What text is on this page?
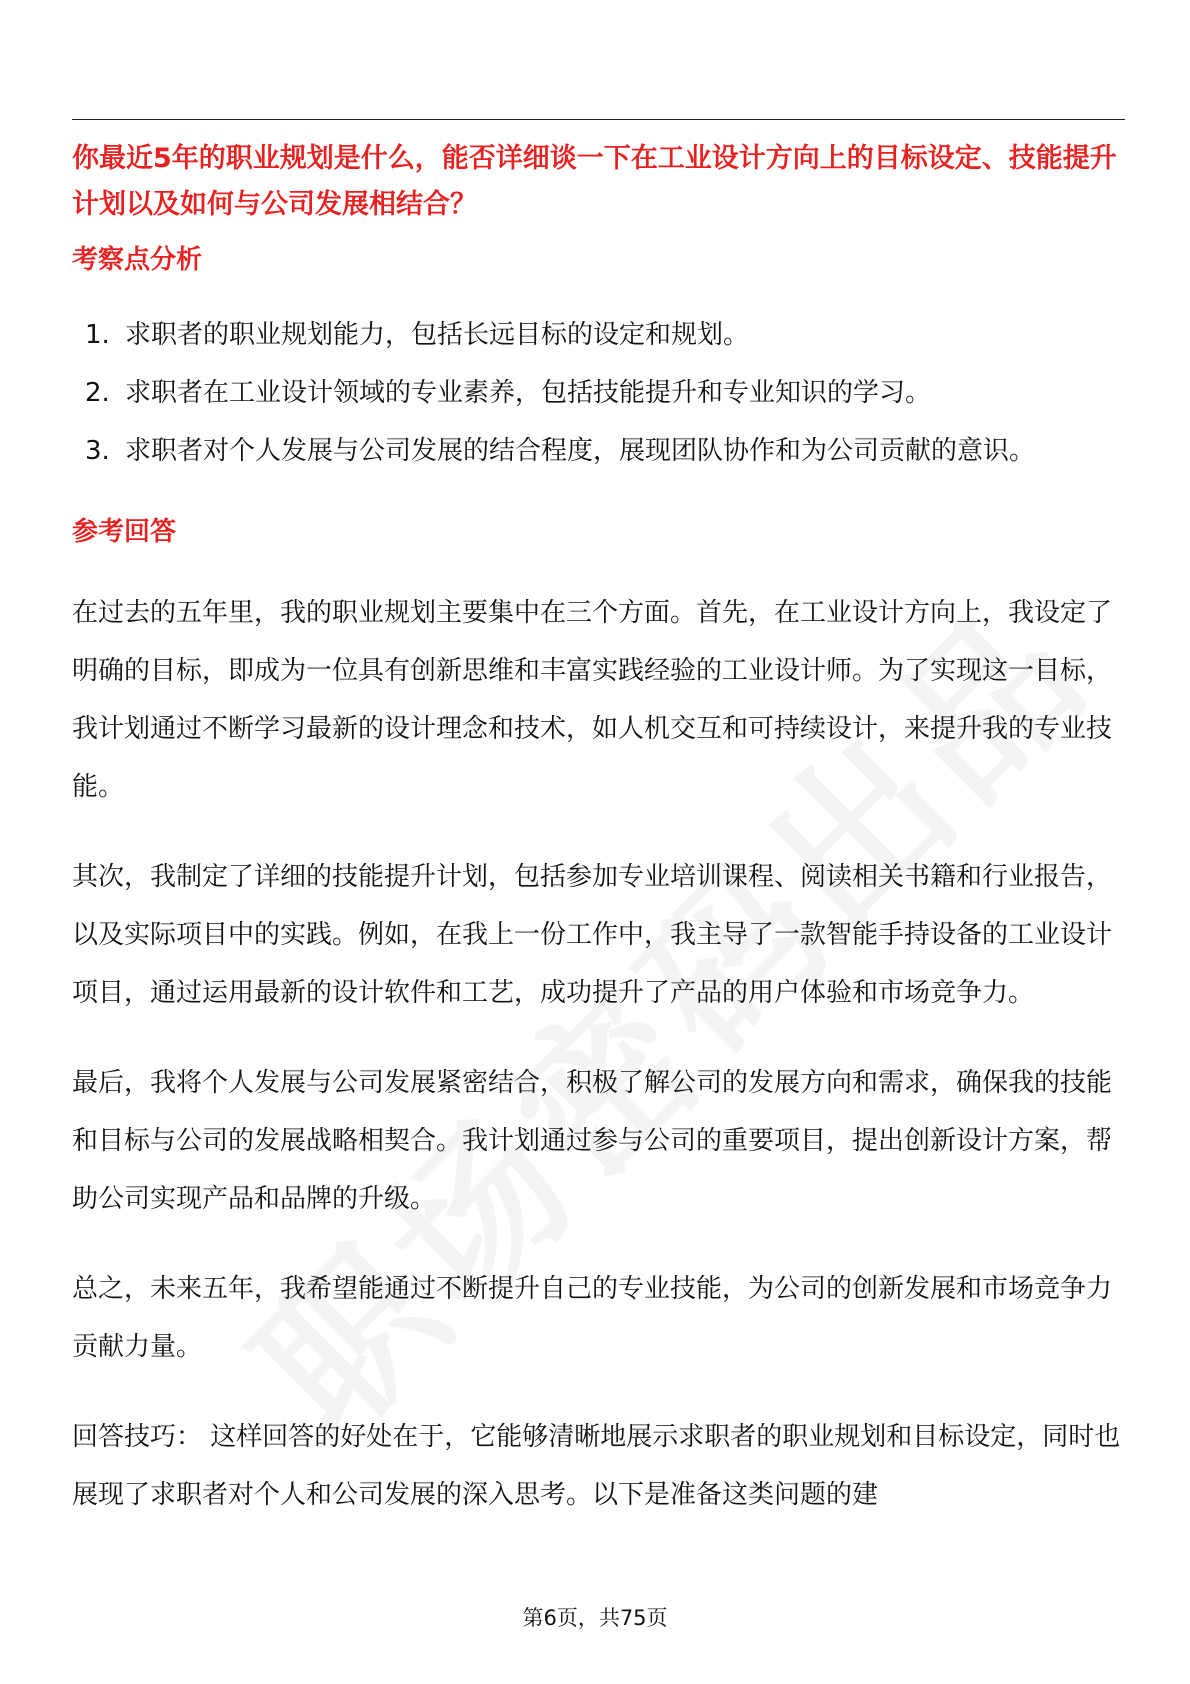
你最近5年的职业规划是什么，能否详细谈一下在工业设计方向上的目标设定、技能提升计划以及如何与公司发展相结合？

考察点分析

1. 求职者的职业规划能力，包括长远目标的设定和规划。
2. 求职者在工业设计领域的专业素养，包括技能提升和专业知识的学习。
3. 求职者对个人发展与公司发展的结合程度，展现团队协作和为公司贡献的意识。

参考回答

在过去的五年里，我的职业规划主要集中在三个方面。首先，在工业设计方向上，我设定了明确的目标，即成为一位具有创新思维和丰富实践经验的工业设计师。为了实现这一目标，我计划通过不断学习最新的设计理念和技术，如人机交互和可持续设计，来提升我的专业技能。

其次，我制定了详细的技能提升计划，包括参加专业培训课程、阅读相关书籍和行业报告，以及实际项目中的实践。例如，在我上一份工作中，我主导了一款智能手持设备的工业设计项目，通过运用最新的设计软件和工艺，成功提升了产品的用户体验和市场竞争力。

最后，我将个人发展与公司发展紧密结合，积极了解公司的发展方向和需求，确保我的技能和目标与公司的发展战略相契合。我计划通过参与公司的重要项目，提出创新设计方案，帮助公司实现产品和品牌的升级。

总之，未来五年，我希望能通过不断提升自己的专业技能，为公司的创新发展和市场竞争力贡献力量。

回答技巧： 这样回答的好处在于，它能够清晰地展示求职者的职业规划和目标设定，同时也展现了求职者对个人和公司发展的深入思考。以下是准备这类问题的建

第6页，共75页
